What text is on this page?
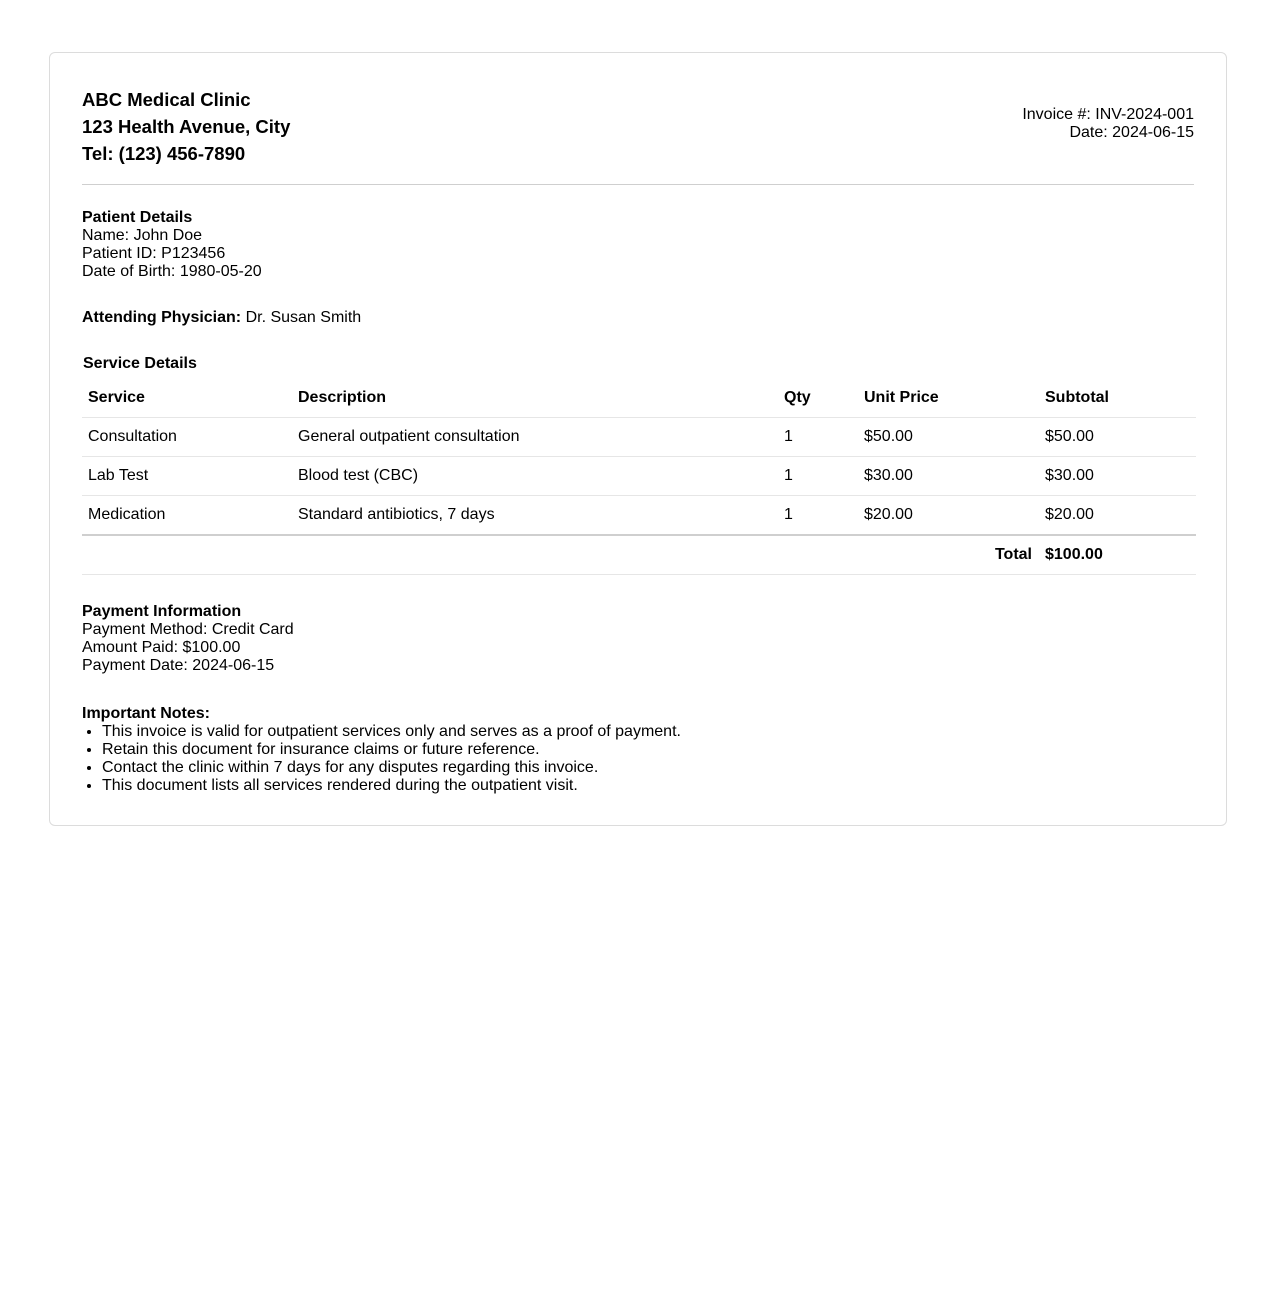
ABC Medical Clinic
123 Health Avenue, City
Tel: (123) 456-7890
Invoice #: INV-2024-001
Date: 2024-06-15
Patient Details
Name: John Doe
Patient ID: P123456
Date of Birth: 1980-05-20
Attending Physician: Dr. Susan Smith
Service Details
Service	Description	Qty	Unit Price	Subtotal
Consultation	General outpatient consultation	1	$50.00	$50.00
Lab Test	Blood test (CBC)	1	$30.00	$30.00
Medication	Standard antibiotics, 7 days	1	$20.00	$20.00
Total				$100.00
Payment Information
Payment Method: Credit Card
Amount Paid: $100.00
Payment Date: 2024-06-15
Important Notes:
• This invoice is valid for outpatient services only and serves as a proof of payment.
• Retain this document for insurance claims or future reference.
• Contact the clinic within 7 days for any disputes regarding this invoice.
• This document lists all services rendered during the outpatient visit.
